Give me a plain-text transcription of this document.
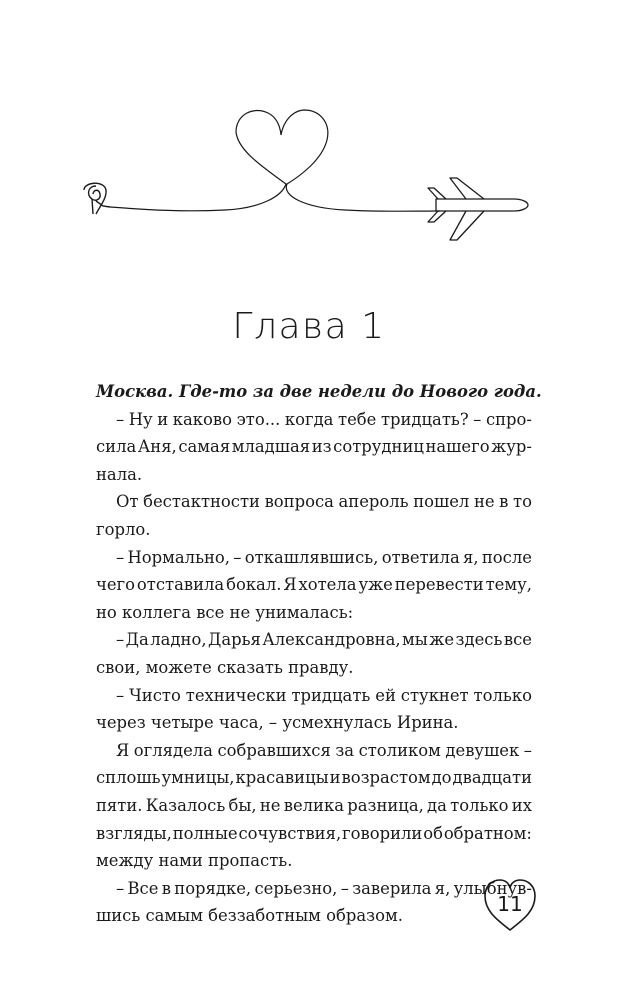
Глава 1
Москва. Где-то за две недели до Нового года.
– Ну и каково это... когда тебе тридцать? – спро-
сила Аня, самая младшая из сотрудниц нашего жур-
нала.
От бестактности вопроса апероль пошел не в то
горло.
– Нормально, – откашлявшись, ответила я, после
чего отставила бокал. Я хотела уже перевести тему,
но коллега все не унималась:
– Да ладно, Дарья Александровна, мы же здесь все
свои, можете сказать правду.
– Чисто технически тридцать ей стукнет только
через четыре часа, – усмехнулась Ирина.
Я оглядела собравшихся за столиком девушек –
сплошь умницы, красавицы и возрастом до двадцати
пяти. Казалось бы, не велика разница, да только их
взгляды, полные сочувствия, говорили об обратном:
между нами пропасть.
– Все в порядке, серьезно, – заверила я, улыбнув-
шись самым беззаботным образом.	11
